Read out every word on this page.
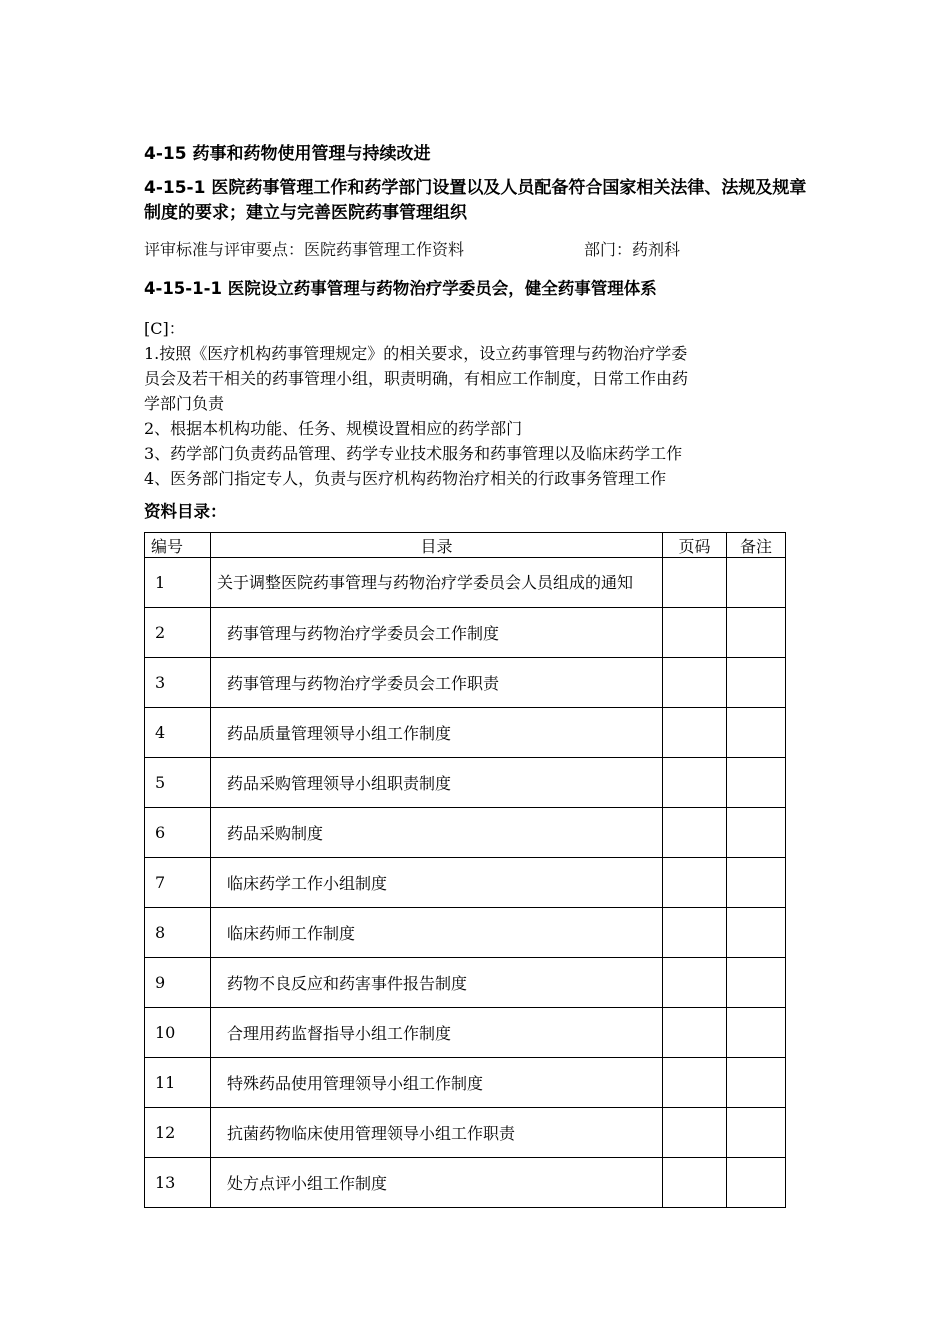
4-15 药事和药物使用管理与持续改进
4-15-1 医院药事管理工作和药学部门设置以及人员配备符合国家相关法律、法规及规章制度的要求；建立与完善医院药事管理组织
评审标准与评审要点：医院药事管理工作资料	部门：药剂科
4-15-1-1 医院设立药事管理与药物治疗学委员会，健全药事管理体系
[C]：
1.按照《医疗机构药事管理规定》的相关要求，设立药事管理与药物治疗学委
员会及若干相关的药事管理小组，职责明确，有相应工作制度，日常工作由药
学部门负责
2、根据本机构功能、任务、规模设置相应的药学部门
3、药学部门负责药品管理、药学专业技术服务和药事管理以及临床药学工作
4、医务部门指定专人，负责与医疗机构药物治疗相关的行政事务管理工作
资料目录：
编号	目录	页码	备注
1	关于调整医院药事管理与药物治疗学委员会人员组成的通知		
2	药事管理与药物治疗学委员会工作制度		
3	药事管理与药物治疗学委员会工作职责		
4	药品质量管理领导小组工作制度		
5	药品采购管理领导小组职责制度		
6	药品采购制度		
7	临床药学工作小组制度		
8	临床药师工作制度		
9	药物不良反应和药害事件报告制度		
10	合理用药监督指导小组工作制度		
11	特殊药品使用管理领导小组工作制度		
12	抗菌药物临床使用管理领导小组工作职责		
13	处方点评小组工作制度		
